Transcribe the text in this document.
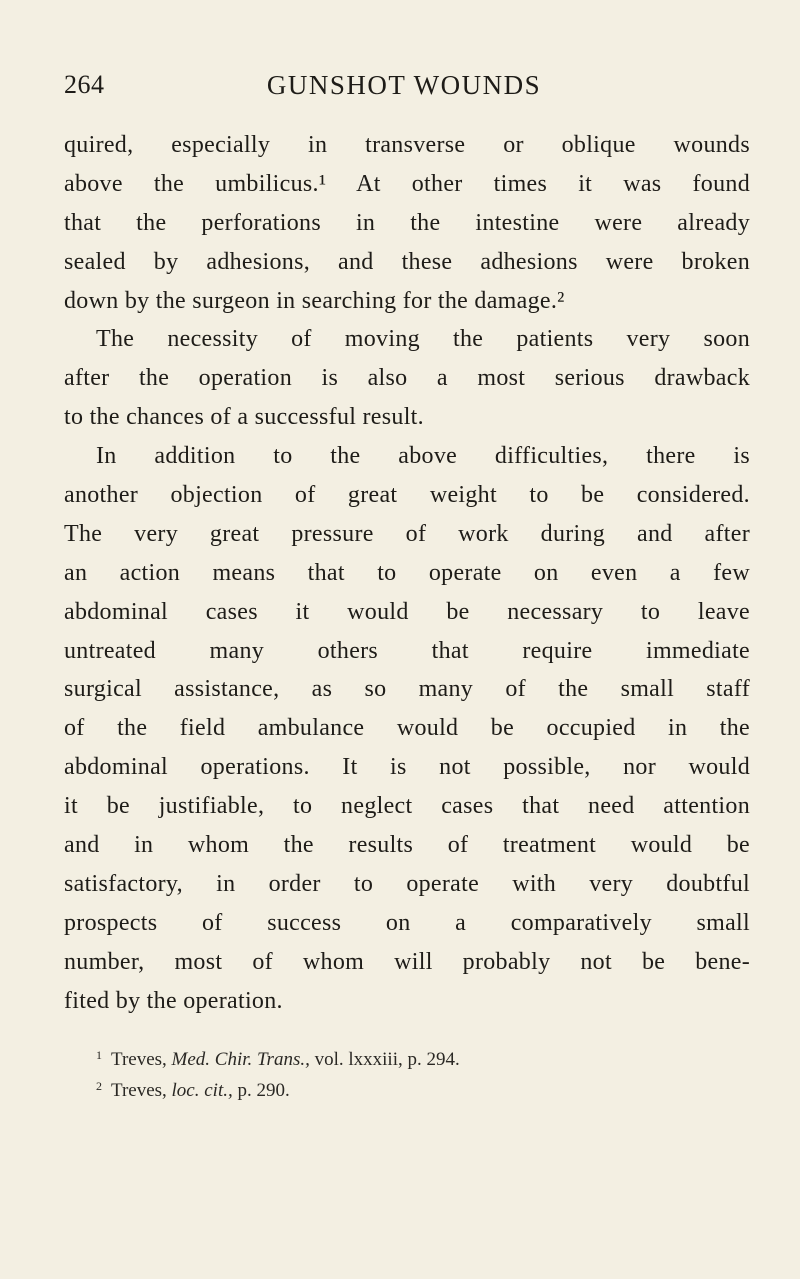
264	GUNSHOT WOUNDS
quired, especially in transverse or oblique wounds
above the umbilicus.¹ At other times it was found
that the perforations in the intestine were already
sealed by adhesions, and these adhesions were broken
down by the surgeon in searching for the damage.²
The necessity of moving the patients very soon
after the operation is also a most serious drawback
to the chances of a successful result.
In addition to the above difficulties, there is
another objection of great weight to be considered.
The very great pressure of work during and after
an action means that to operate on even a few
abdominal cases it would be necessary to leave
untreated many others that require immediate
surgical assistance, as so many of the small staff
of the field ambulance would be occupied in the
abdominal operations. It is not possible, nor would
it be justifiable, to neglect cases that need attention
and in whom the results of treatment would be
satisfactory, in order to operate with very doubtful
prospects of success on a comparatively small
number, most of whom will probably not be bene-
fited by the operation.
$^1$ Treves, Med. Chir. Trans., vol. lxxxiii, p. 294.
$^2$ Treves, loc. cit., p. 290.
